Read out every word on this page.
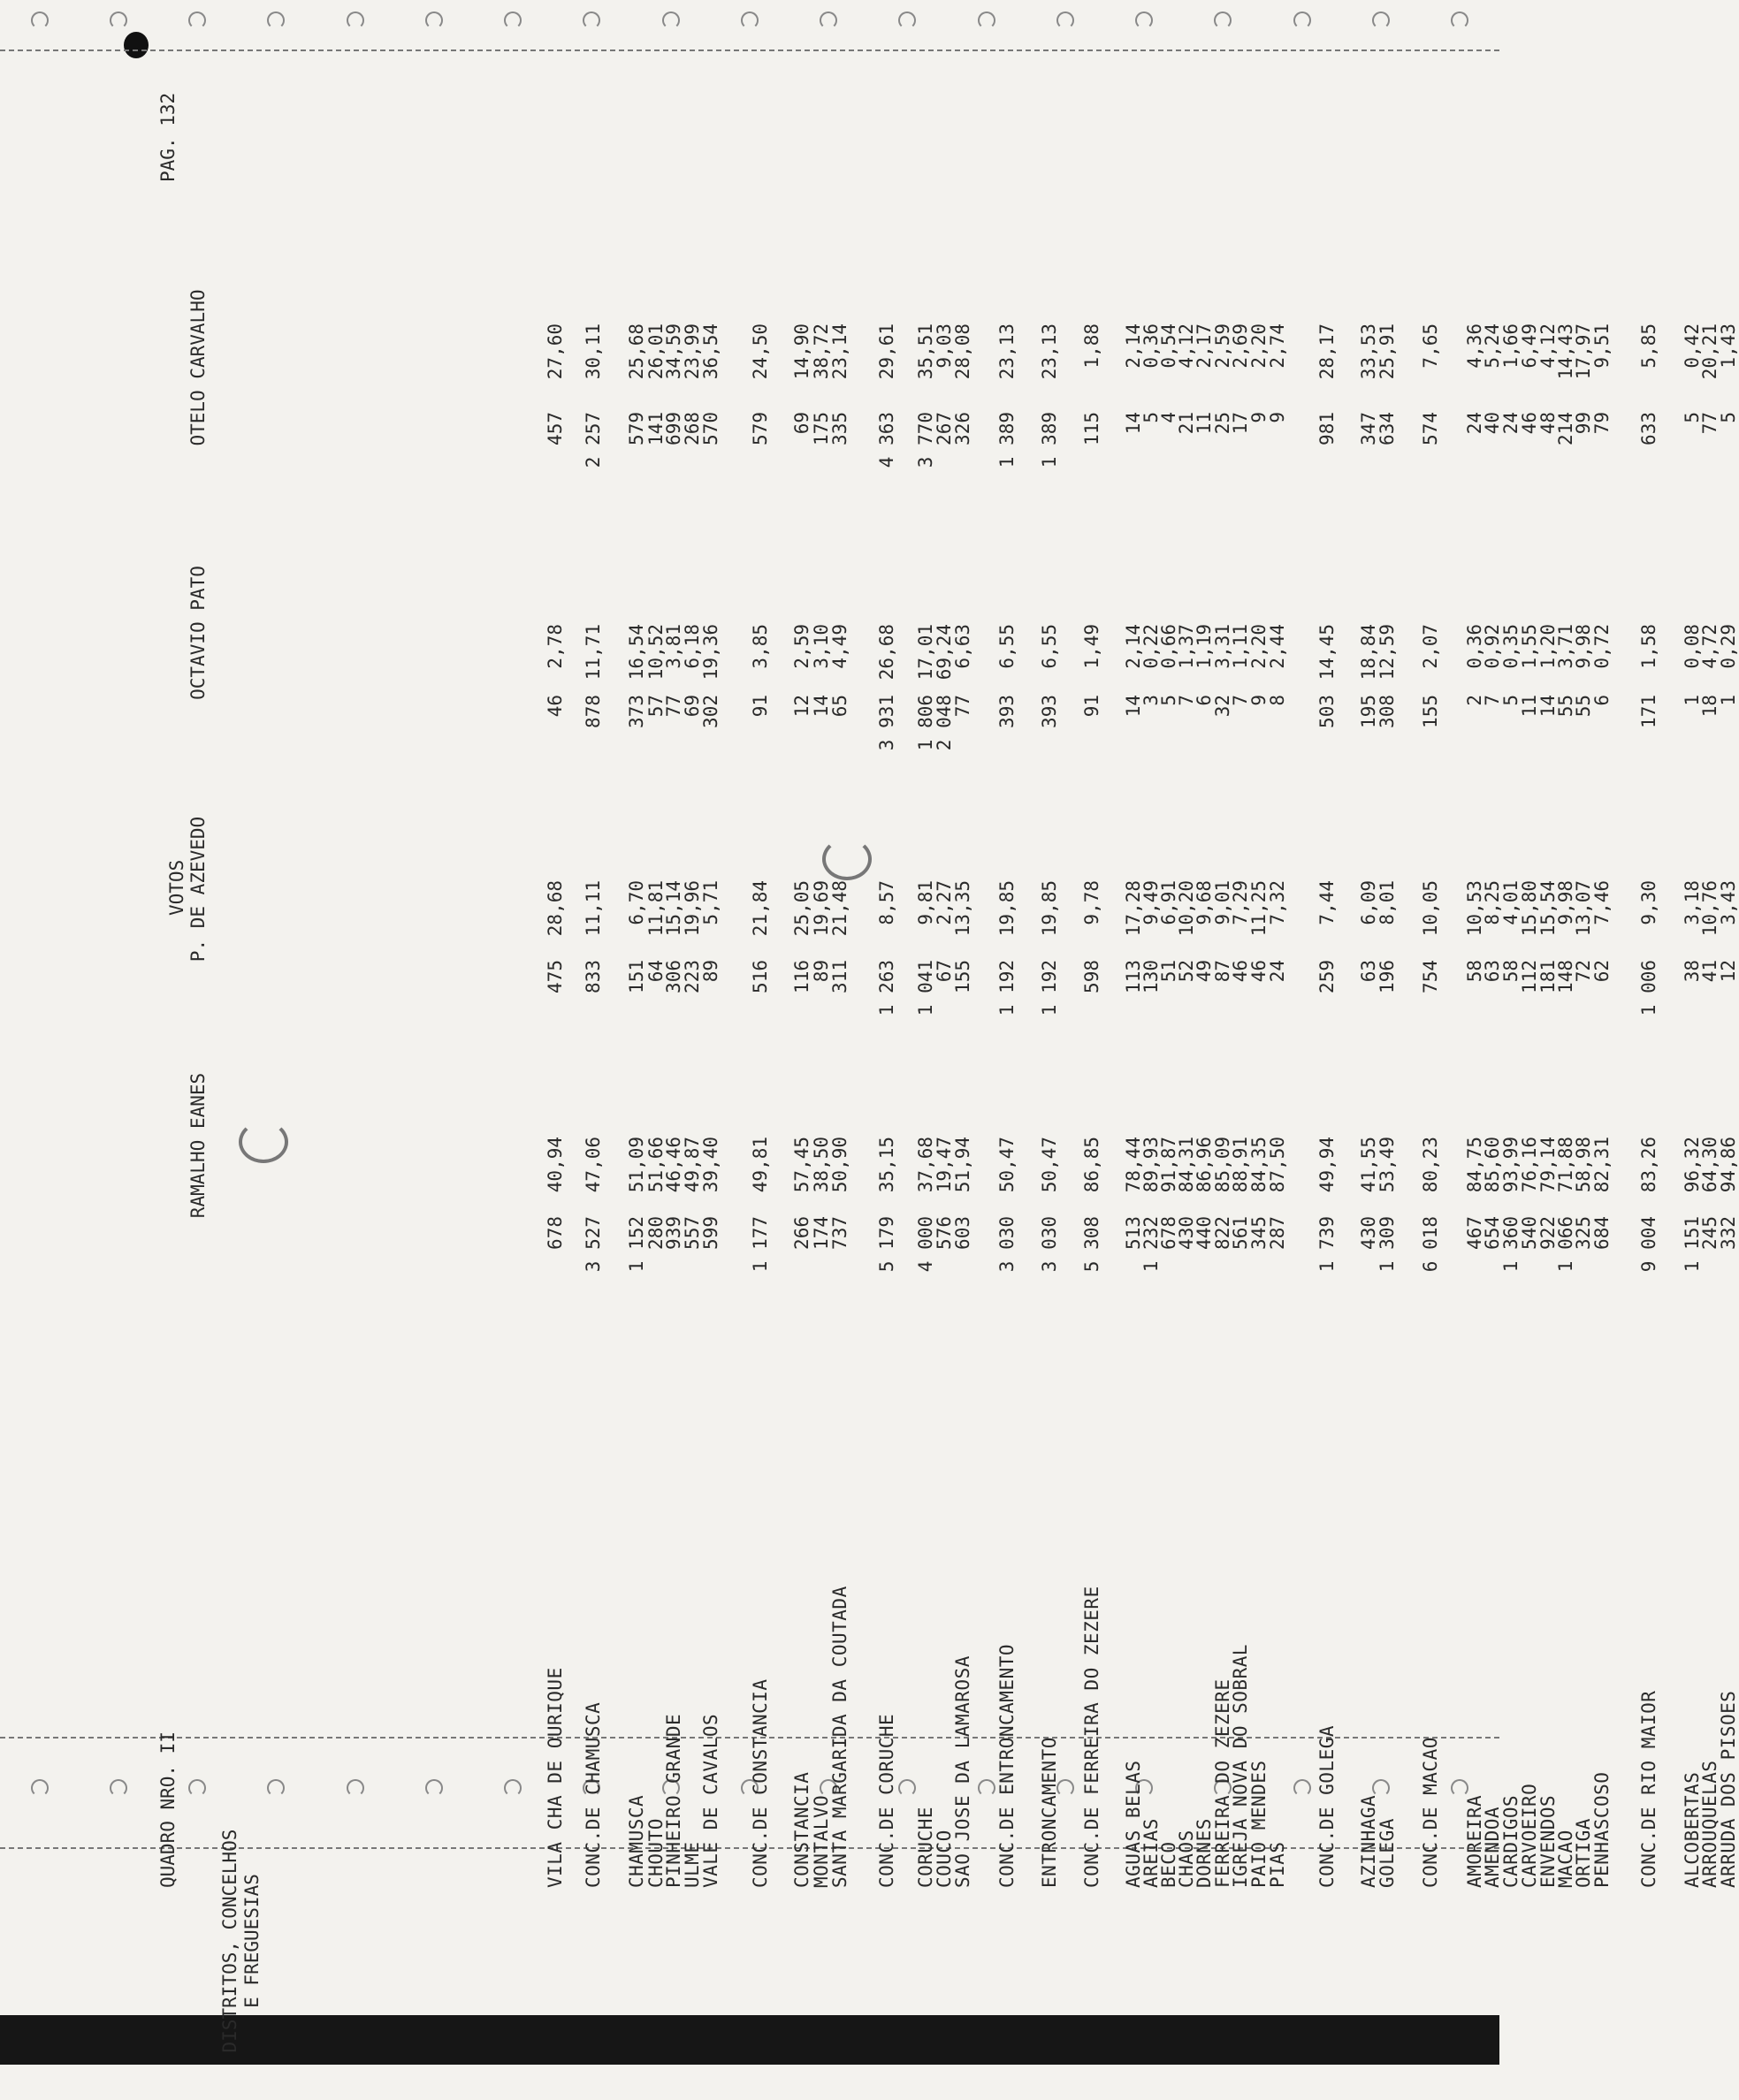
QUADRO NRO. II
PAG. 132
DISTRITOS, CONCELHOS E FREGUESIAS
VOTOS
RAMALHO EANES
P. DE AZEVEDO
OCTAVIO PATO
OTELO CARVALHO
VILA CHA DE OURIQUE
678
40,94
475
28,68
46
2,78
457
27,60
CONC.DE CHAMUSCA
3 527
47,06
833
11,11
878
11,71
2 257
30,11
CHAMUSCA
1 152
51,09
151
6,70
373
16,54
579
25,68
CHOUTO
280
51,66
64
11,81
57
10,52
141
26,01
PINHEIRO GRANDE
939
46,46
306
15,14
77
3,81
699
34,59
ULME
557
49,87
223
19,96
69
6,18
268
23,99
VALE DE CAVALOS
599
39,40
89
5,71
302
19,36
570
36,54
CONC.DE CONSTANCIA
1 177
49,81
516
21,84
91
3,85
579
24,50
CONSTANCIA
266
57,45
116
25,05
12
2,59
69
14,90
MONTALVO
174
38,50
89
19,69
14
3,10
175
38,72
SANTA MARGARIDA DA COUTADA
737
50,90
311
21,48
65
4,49
335
23,14
CONC.DE CORUCHE
5 179
35,15
1 263
8,57
3 931
26,68
4 363
29,61
CORUCHE
4 000
37,68
1 041
9,81
1 806
17,01
3 770
35,51
COUCO
576
19,47
67
2,27
2 048
69,24
267
9,03
SAO JOSE DA LAMAROSA
603
51,94
155
13,35
77
6,63
326
28,08
CONC.DE ENTRONCAMENTO
3 030
50,47
1 192
19,85
393
6,55
1 389
23,13
ENTRONCAMENTO
3 030
50,47
1 192
19,85
393
6,55
1 389
23,13
CONC.DE FERREIRA DO ZEZERE
5 308
86,85
598
9,78
91
1,49
115
1,88
AGUAS BELAS
513
78,44
113
17,28
14
2,14
14
2,14
AREIAS
1 232
89,93
130
9,49
3
0,22
5
0,36
BECO
678
91,87
51
6,91
5
0,66
4
0,54
CHAOS
430
84,31
52
10,20
7
1,37
21
4,12
DORNES
440
86,96
49
9,68
6
1,19
11
2,17
FERREIRA DO ZEZERE
822
85,09
87
9,01
32
3,31
25
2,59
IGREJA NOVA DO SOBRAL
561
88,91
46
7,29
7
1,11
17
2,69
PAIO MENDES
345
84,35
46
11,25
9
2,20
9
2,20
PIAS
287
87,50
24
7,32
8
2,44
9
2,74
CONC.DE GOLEGA
1 739
49,94
259
7,44
503
14,45
981
28,17
AZINHAGA
430
41,55
63
6,09
195
18,84
347
33,53
GOLEGA
1 309
53,49
196
8,01
308
12,59
634
25,91
CONC.DE MACAO
6 018
80,23
754
10,05
155
2,07
574
7,65
AMOREIRA
467
84,75
58
10,53
2
0,36
24
4,36
AMENDOA
654
85,60
63
8,25
7
0,92
40
5,24
CARDIGOS
1 360
93,99
58
4,01
5
0,35
24
1,66
CARVOEIRO
540
76,16
112
15,80
11
1,55
46
6,49
ENVENDOS
922
79,14
181
15,54
14
1,20
48
4,12
MACAO
1 066
71,88
148
9,98
55
3,71
214
14,43
ORTIGA
325
58,98
72
13,07
55
9,98
99
17,97
PENHASCOSO
684
82,31
62
7,46
6
0,72
79
9,51
CONC.DE RIO MAIOR
9 004
83,26
1 006
9,30
171
1,58
633
5,85
ALCOBERTAS
1 151
96,32
38
3,18
1
0,08
5
0,42
ARROUQUELAS
245
64,30
41
10,76
18
4,72
77
20,21
ARRUDA DOS PISOES
332
94,86
12
3,43
1
0,29
5
1,43
